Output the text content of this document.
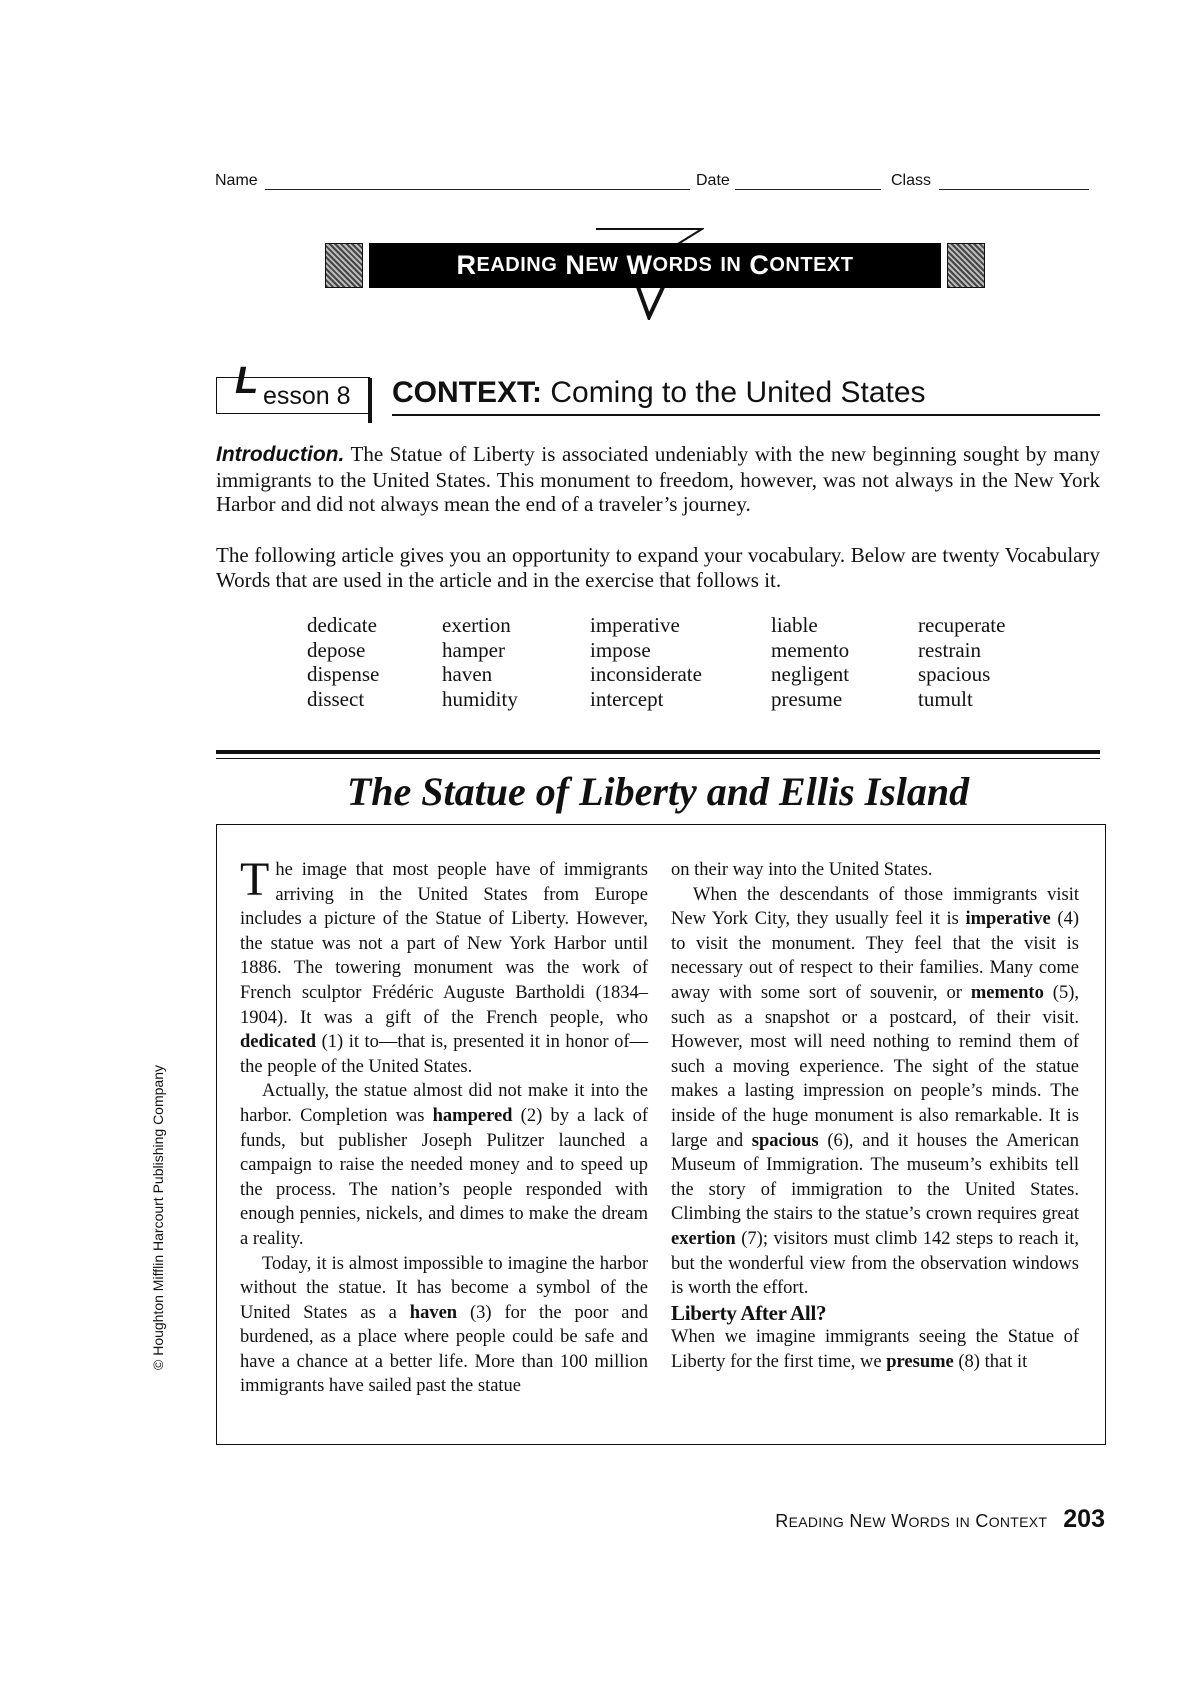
Name	Date	Class
R EADING
N EW
W ORDS
IN
C ONTEXT
L esson 8 CONTEXT: Coming to the United States
Introduction. The Statue of Liberty is associated undeniably with the new beginning sought by many immigrants to the United States. This monument to freedom, however, was not always in the New York Harbor and did not always mean the end of a traveler’s journey.
The following article gives you an opportunity to expand your vocabulary. Below are twenty Vocabulary Words that are used in the article and in the exercise that follows it.
dedicate
depose
dispense
dissect
exertion
hamper
haven
humidity
imperative
impose
inconsiderate
intercept
liable
memento
negligent
presume
recuperate
restrain
spacious
tumult
The Statue of Liberty and Ellis Island

The image that most people have of immigrants arriving in the United States from Europe includes a picture of the Statue of Liberty. However, the statue was not a part of New York Harbor until 1886. The towering monument was the work of French sculptor Frédéric Auguste Bartholdi (1834–1904). It was a gift of the French people, who dedicated (1) it to—that is, presented it in honor of—the people of the United States.

Actually, the statue almost did not make it into the harbor. Completion was hampered (2) by a lack of funds, but publisher Joseph Pulitzer launched a campaign to raise the needed money and to speed up the process. The nation’s people responded with enough pennies, nickels, and dimes to make the dream a reality.

Today, it is almost impossible to imagine the harbor without the statue. It has become a symbol of the United States as a haven (3) for the poor and burdened, as a place where people could be safe and have a chance at a better life. More than 100 million immigrants have sailed past the statue

on their way into the United States.

When the descendants of those immigrants visit New York City, they usually feel it is imperative (4) to visit the monument. They feel that the visit is necessary out of respect to their families. Many come away with some sort of souvenir, or memento (5), such as a snapshot or a postcard, of their visit. However, most will need nothing to remind them of such a moving experience. The sight of the statue makes a lasting impression on people’s minds. The inside of the huge monument is also remarkable. It is large and spacious (6), and it houses the American Museum of Immigration. The museum’s exhibits tell the story of immigration to the United States. Climbing the stairs to the statue’s crown requires great exertion (7); visitors must climb 142 steps to reach it, but the wonderful view from the observation windows is worth the effort.

Liberty After All?

When we imagine immigrants seeing the Statue of Liberty for the first time, we presume (8) that it

© Houghton Mifflin Harcourt Publishing Company
READING NEW WORDS IN CONTEXT 203
